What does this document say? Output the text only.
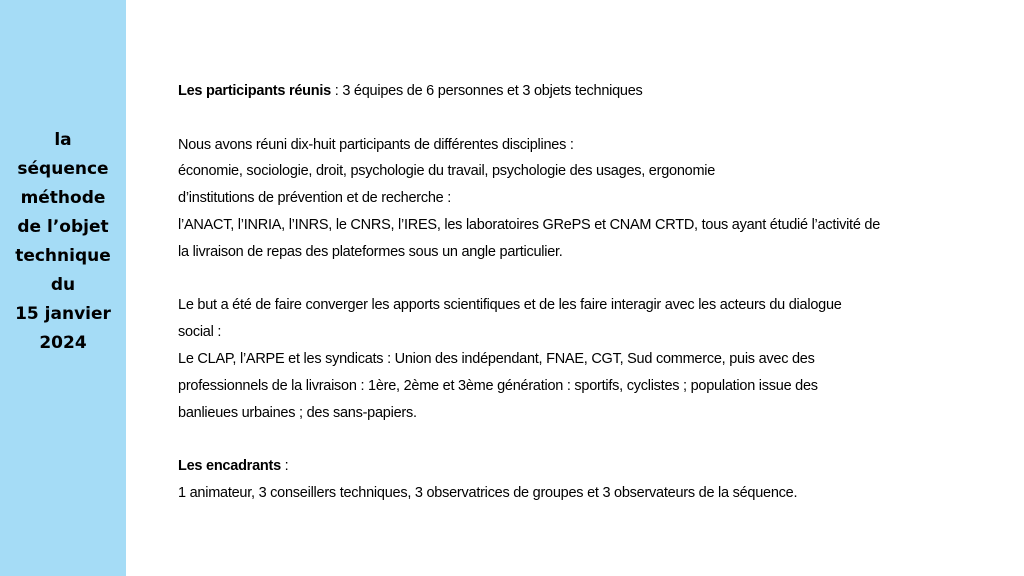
la
séquence
méthode
de l’objet
technique
du
15 janvier
2024
Les participants réunis : 3 équipes de 6 personnes et 3 objets techniques
Nous avons réuni dix-huit participants de différentes disciplines :
économie, sociologie, droit, psychologie du travail, psychologie des usages, ergonomie
d’institutions de prévention et de recherche :
l’ANACT, l’INRIA, l’INRS, le CNRS, l’IRES, les laboratoires GRePS et CNAM CRTD, tous ayant étudié l’activité de
la livraison de repas des plateformes sous un angle particulier.
Le but a été de faire converger les apports scientifiques et de les faire interagir avec les acteurs du dialogue
social :
Le CLAP, l’ARPE et les syndicats : Union des indépendant, FNAE, CGT, Sud commerce, puis avec des
professionnels de la livraison : 1ère, 2ème et 3ème génération : sportifs, cyclistes ; population issue des
banlieues urbaines ; des sans-papiers.
Les encadrants :
1 animateur, 3 conseillers techniques, 3 observatrices de groupes et 3 observateurs de la séquence.
